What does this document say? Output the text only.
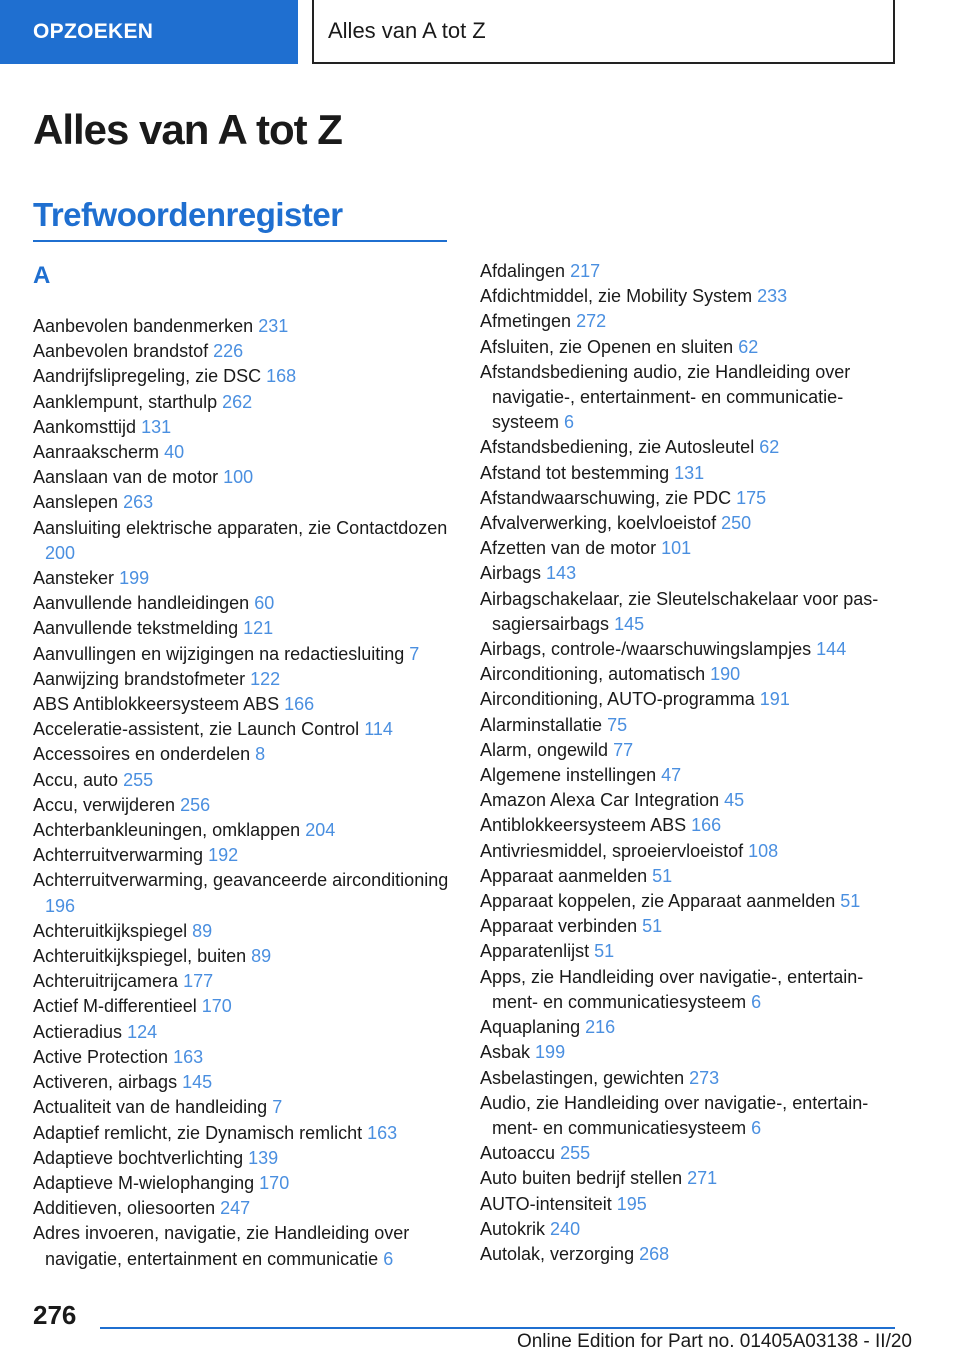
OPZOEKEN	Alles van A tot Z
Alles van A tot Z
Trefwoordenregister
A
Aanbevolen bandenmerken 231
Aanbevolen brandstof 226
Aandrijfslipregeling, zie DSC 168
Aanklempunt, starthulp 262
Aankomsttijd 131
Aanraakscherm 40
Aanslaan van de motor 100
Aanslepen 263
Aansluiting elektrische apparaten, zie Contactdozen 200
Aansteker 199
Aanvullende handleidingen 60
Aanvullende tekstmelding 121
Aanvullingen en wijzigingen na redactiesluiting 7
Aanwijzing brandstofmeter 122
ABS Antiblokkeersysteem ABS 166
Acceleratie-assistent, zie Launch Control 114
Accessoires en onderdelen 8
Accu, auto 255
Accu, verwijderen 256
Achterbankleuningen, omklappen 204
Achterruitverwarming 192
Achterruitverwarming, geavanceerde airconditioning 196
Achteruitkijkspiegel 89
Achteruitkijkspiegel, buiten 89
Achteruitrijcamera 177
Actief M-differentieel 170
Actieradius 124
Active Protection 163
Activeren, airbags 145
Actualiteit van de handleiding 7
Adaptief remlicht, zie Dynamisch remlicht 163
Adaptieve bochtverlichting 139
Adaptieve M-wielophanging 170
Additieven, oliesoorten 247
Adres invoeren, navigatie, zie Handleiding over navigatie, entertainment en communicatie 6
Afdalingen 217
Afdichtmiddel, zie Mobility System 233
Afmetingen 272
Afsluiten, zie Openen en sluiten 62
Afstandsbediening audio, zie Handleiding over navigatie-, entertainment- en communicatiesysteem 6
Afstandsbediening, zie Autosleutel 62
Afstand tot bestemming 131
Afstandwaarschuwing, zie PDC 175
Afvalverwerking, koelvloeistof 250
Afzetten van de motor 101
Airbags 143
Airbagschakelaar, zie Sleutelschakelaar voor passagiersairbags 145
Airbags, controle-/waarschuwingslampjes 144
Airconditioning, automatisch 190
Airconditioning, AUTO-programma 191
Alarminstallatie 75
Alarm, ongewild 77
Algemene instellingen 47
Amazon Alexa Car Integration 45
Antiblokkeersysteem ABS 166
Antivriesmiddel, sproeiervloeistof 108
Apparaat aanmelden 51
Apparaat koppelen, zie Apparaat aanmelden 51
Apparaat verbinden 51
Apparatenlijst 51
Apps, zie Handleiding over navigatie-, entertainment- en communicatiesysteem 6
Aquaplaning 216
Asbak 199
Asbelastingen, gewichten 273
Audio, zie Handleiding over navigatie-, entertainment- en communicatiesysteem 6
Autoaccu 255
Auto buiten bedrijf stellen 271
AUTO-intensiteit 195
Autokrik 240
Autolak, verzorging 268
276
Online Edition for Part no. 01405A03138 - II/20
